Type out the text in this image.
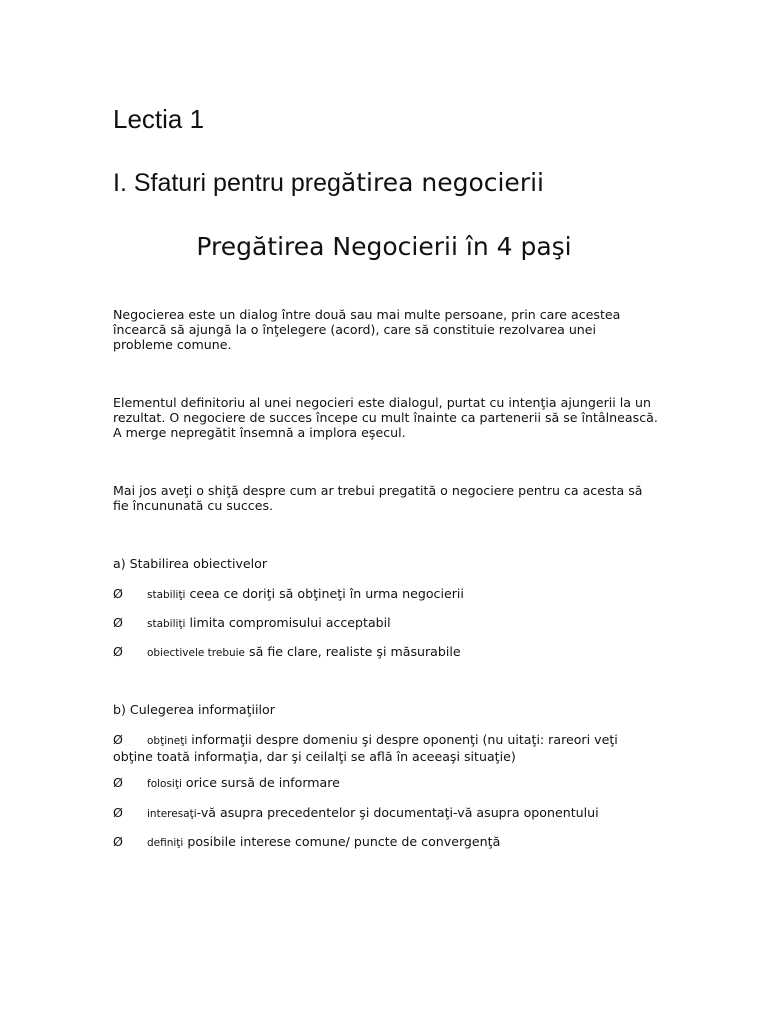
Lectia 1
I. Sfaturi pentru pregătirea negocierii
Pregătirea Negocierii în 4 paşi

Negocierea este un dialog între două sau mai multe persoane, prin care acestea încearcă să ajungă la o înţelegere (acord), care să constituie rezolvarea unei probleme comune.

Elementul definitoriu al unei negocieri este dialogul, purtat cu intenţia ajungerii la un rezultat. O negociere de succes începe cu mult înainte ca partenerii să se întâlnească. A merge nepregătit însemnă a implora eşecul.

Mai jos aveţi o shiţă despre cum ar trebui pregatită o negociere pentru ca acesta să fie încununată cu succes.

a) Stabilirea obiectivelor

Ø stabiliţi ceea ce doriţi să obţineţi în urma negocierii

Ø stabiliţi limita compromisului acceptabil

Ø obiectivele trebuie să fie clare, realiste şi măsurabile

b) Culegerea informaţiilor

Ø obţineţi informaţii despre domeniu şi despre oponenţi (nu uitaţi: rareori veţi obţine toată informaţia, dar şi ceilalţi se află în aceeaşi situaţie)

Ø folosiţi orice sursă de informare

Ø interesaţi-vă asupra precedentelor şi documentaţi-vă asupra oponentului

Ø definiţi posibile interese comune/ puncte de convergenţă
